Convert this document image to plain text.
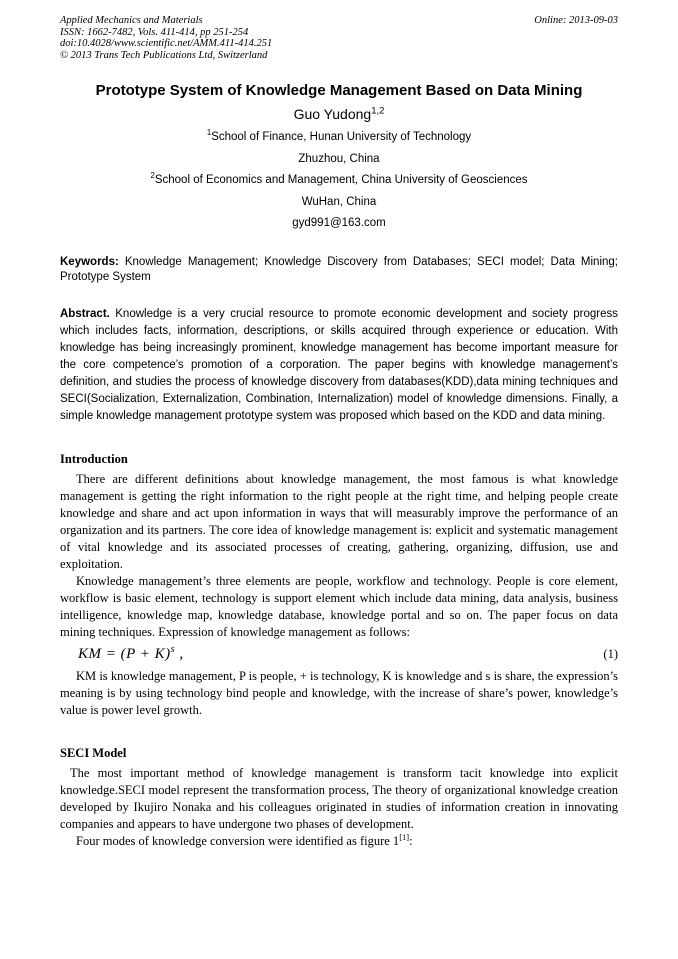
Applied Mechanics and Materials	Online: 2013-09-03
ISSN: 1662-7482, Vols. 411-414, pp 251-254
doi:10.4028/www.scientific.net/AMM.411-414.251
© 2013 Trans Tech Publications Ltd, Switzerland
Prototype System of Knowledge Management Based on Data Mining
Guo Yudong$^{1,2}$
$^1$School of Finance, Hunan University of Technology
Zhuzhou, China
$^2$School of Economics and Management, China University of Geosciences
WuHan, China
gyd991@163.com

Keywords: Knowledge Management; Knowledge Discovery from Databases; SECI model; Data Mining; Prototype System

Abstract. Knowledge is a very crucial resource to promote economic development and society progress which includes facts, information, descriptions, or skills acquired through experience or education. With knowledge has being increasingly prominent, knowledge management has become important measure for the core competence’s promotion of a corporation. The paper begins with knowledge management’s definition, and studies the process of knowledge discovery from databases(KDD),data mining techniques and SECI(Socialization, Externalization, Combination, Internalization) model of knowledge dimensions. Finally, a simple knowledge management prototype system was proposed which based on the KDD and data mining.

Introduction

There are different definitions about knowledge management, the most famous is what knowledge management is getting the right information to the right people at the right time, and helping people create knowledge and share and act upon information in ways that will measurably improve the performance of an organization and its partners. The core idea of knowledge management is: explicit and systematic management of vital knowledge and its associated processes of creating, gathering, organizing, diffusion, use and exploitation.

Knowledge management’s three elements are people, workflow and technology. People is core element, workflow is basic element, technology is support element which include data mining, data analysis, business intelligence, knowledge map, knowledge database, knowledge portal and so on. The paper focus on data mining techniques. Expression of knowledge management as follows:

KM = $(P + K)^s$ ,	(1)

KM is knowledge management, P is people, + is technology, K is knowledge and s is share, the expression’s meaning is by using technology bind people and knowledge, with the increase of share’s power, knowledge’s value is power level growth.

SECI Model

The most important method of knowledge management is transform tacit knowledge into explicit knowledge.SECI model represent the transformation process, The theory of organizational knowledge creation developed by Ikujiro Nonaka and his colleagues originated in studies of information creation in innovating companies and appears to have undergone two phases of development.

Four modes of knowledge conversion were identified as figure 1[1]:
